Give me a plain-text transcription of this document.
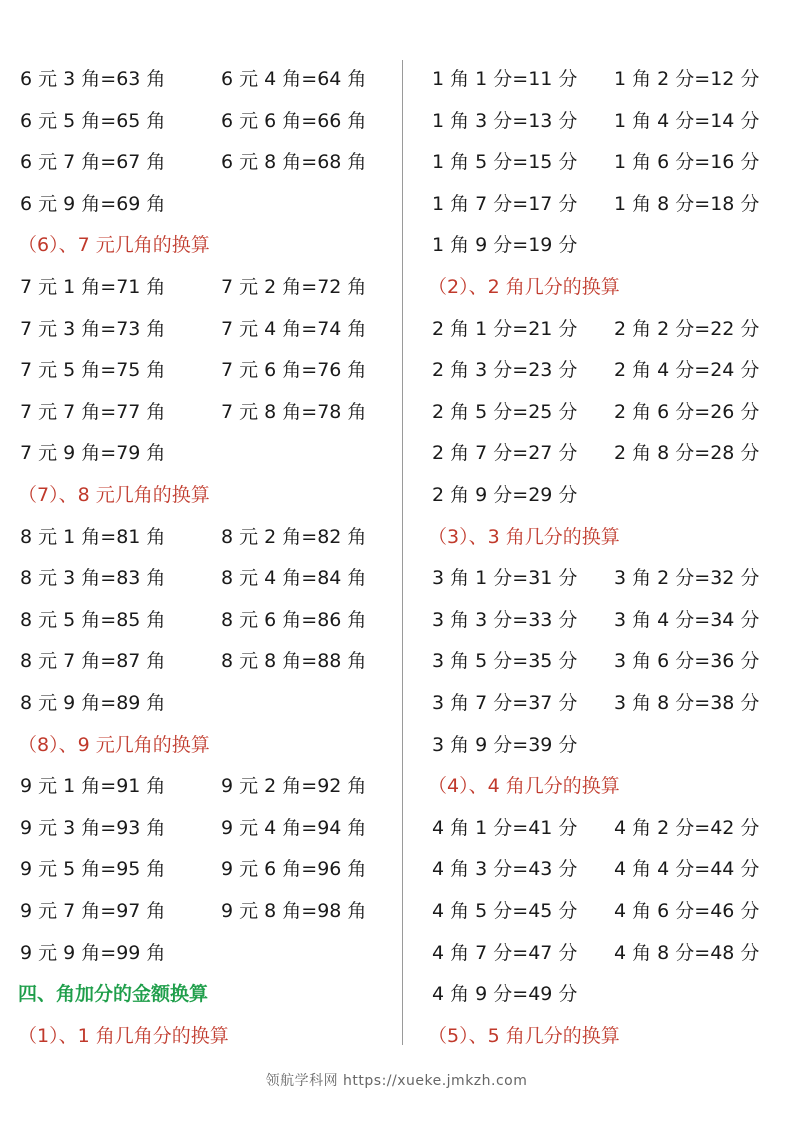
6 元 3 角=63 角	6 元 4 角=64 角
6 元 5 角=65 角	6 元 6 角=66 角
6 元 7 角=67 角	6 元 8 角=68 角
6 元 9 角=69 角
（6）、7 元几角的换算
7 元 1 角=71 角	7 元 2 角=72 角
7 元 3 角=73 角	7 元 4 角=74 角
7 元 5 角=75 角	7 元 6 角=76 角
7 元 7 角=77 角	7 元 8 角=78 角
7 元 9 角=79 角
（7）、8 元几角的换算
8 元 1 角=81 角	8 元 2 角=82 角
8 元 3 角=83 角	8 元 4 角=84 角
8 元 5 角=85 角	8 元 6 角=86 角
8 元 7 角=87 角	8 元 8 角=88 角
8 元 9 角=89 角
（8）、9 元几角的换算
9 元 1 角=91 角	9 元 2 角=92 角
9 元 3 角=93 角	9 元 4 角=94 角
9 元 5 角=95 角	9 元 6 角=96 角
9 元 7 角=97 角	9 元 8 角=98 角
9 元 9 角=99 角
四、角加分的金额换算
（1）、1 角几角分的换算
1 角 1 分=11 分 1 角 2 分=12 分
1 角 3 分=13 分 1 角 4 分=14 分
1 角 5 分=15 分 1 角 6 分=16 分
1 角 7 分=17 分 1 角 8 分=18 分
1 角 9 分=19 分
（2）、2 角几分的换算
2 角 1 分=21 分 2 角 2 分=22 分
2 角 3 分=23 分 2 角 4 分=24 分
2 角 5 分=25 分 2 角 6 分=26 分
2 角 7 分=27 分 2 角 8 分=28 分
2 角 9 分=29 分
（3）、3 角几分的换算
3 角 1 分=31 分 3 角 2 分=32 分
3 角 3 分=33 分 3 角 4 分=34 分
3 角 5 分=35 分 3 角 6 分=36 分
3 角 7 分=37 分 3 角 8 分=38 分
3 角 9 分=39 分
（4）、4 角几分的换算
4 角 1 分=41 分 4 角 2 分=42 分
4 角 3 分=43 分 4 角 4 分=44 分
4 角 5 分=45 分 4 角 6 分=46 分
4 角 7 分=47 分 4 角 8 分=48 分
4 角 9 分=49 分
（5）、5 角几分的换算
领航学科网 https://xueke.jmkzh.com
